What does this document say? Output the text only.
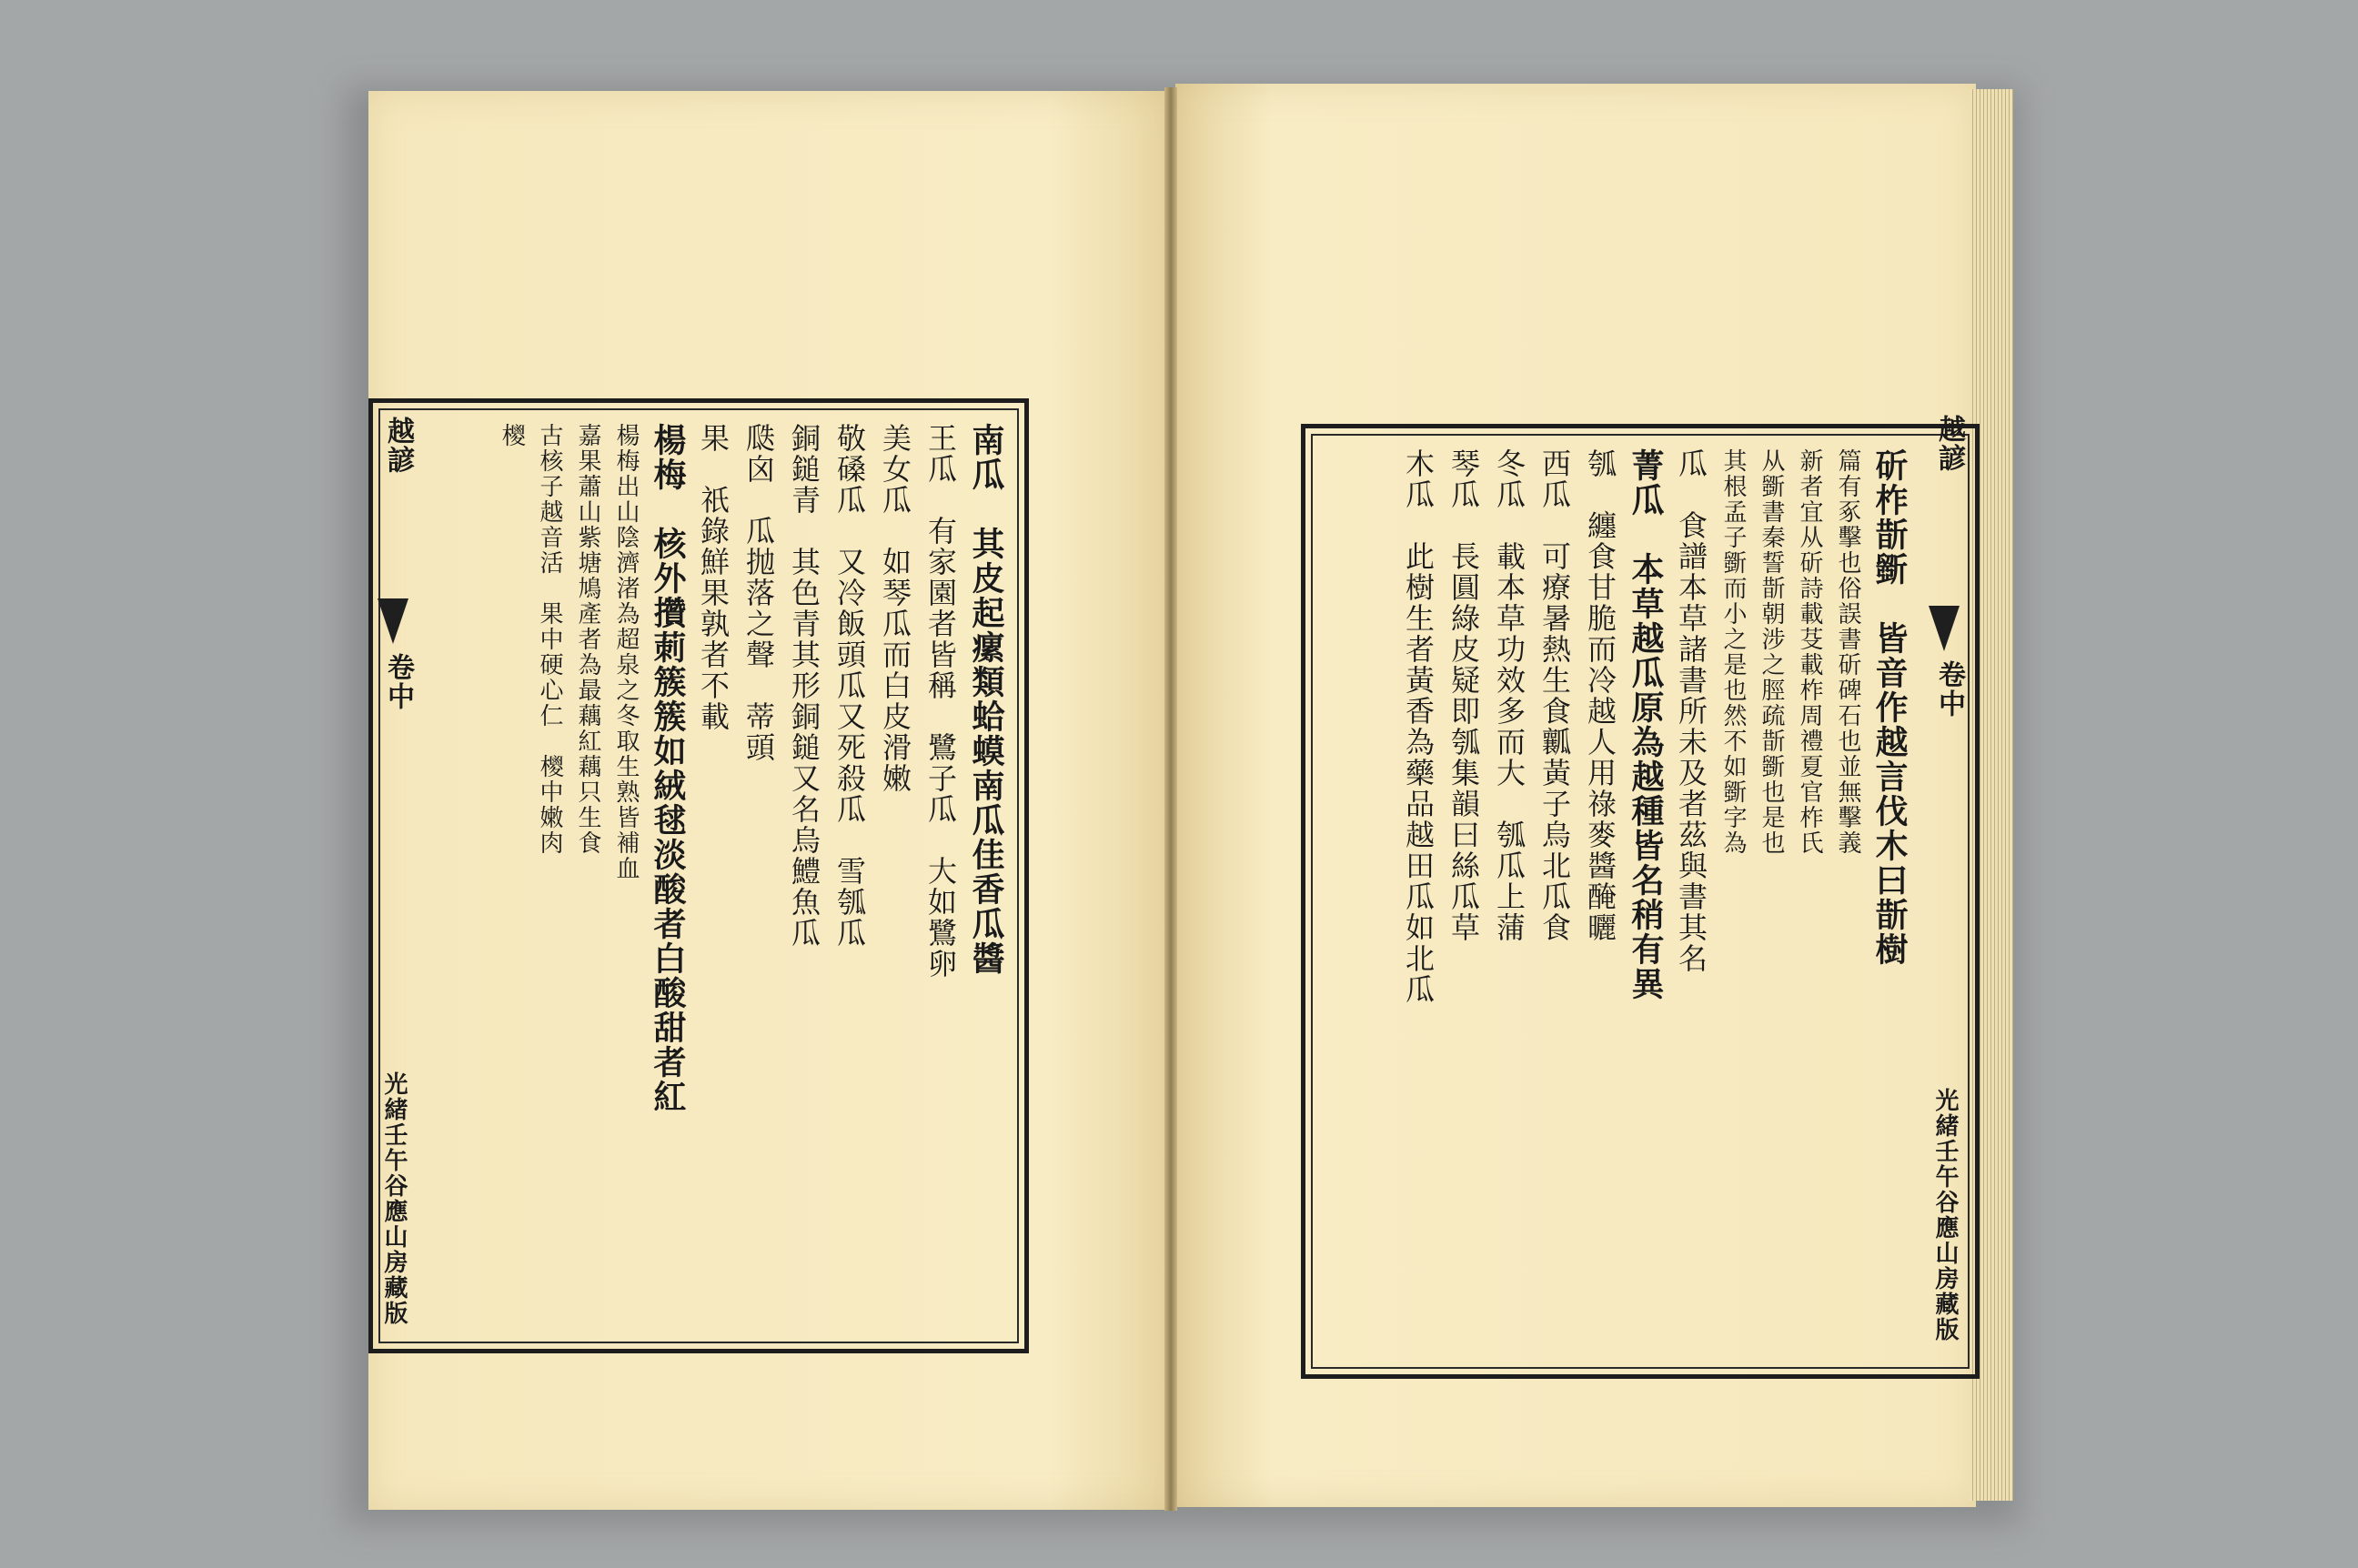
南瓜　其皮起瘰類蛤蟆南瓜佳香瓜醬
王瓜　有家園者皆稱　鷺子瓜　大如鷺卵
美女瓜　如琴瓜而白皮滑嫩
敬磉瓜　又冷飯頭瓜又死殺瓜　雪瓠瓜
銅鎚青　其色青其形銅鎚又名烏鱧魚瓜
瓞囟　瓜抛落之聲　蒂頭
果　祇錄鮮果孰者不載
楊梅　核外攢莿簇簇如絨毬淡酸者白酸甜者紅
楊梅出山陰濟渚為超泉之冬取生熟皆補血
嘉果蕭山紫塘鳩產者為最藕紅藕只生食
古核子越音活　果中硬心仁　㯶中嫩肉
㯶
越諺
卷中
光緒壬午谷應山房藏版
斫柞斮斵　皆音作越言伐木曰斮樹
篇有豖擊也俗誤書斫碑石也並無擊義
新者宜从斫詩載芟載柞周禮夏官柞氏
从斵書秦誓斮朝涉之脛疏斮斵也是也
其根孟子斵而小之是也然不如斵字為
瓜　食譜本草諸書所未及者茲與書其名
菁瓜　本草越瓜原為越種皆名稍有異
瓠　纏食甘脆而冷越人用祿麥醬醃曬
西瓜　可療暑熱生食瓤黃子烏北瓜食
冬瓜　載本草功效多而大　瓠瓜上蒲
琴瓜　長圓綠皮疑即瓠集韻曰絲瓜草
木瓜　此樹生者黃香為藥品越田瓜如北瓜
越諺
卷中
光緒壬午谷應山房藏版
